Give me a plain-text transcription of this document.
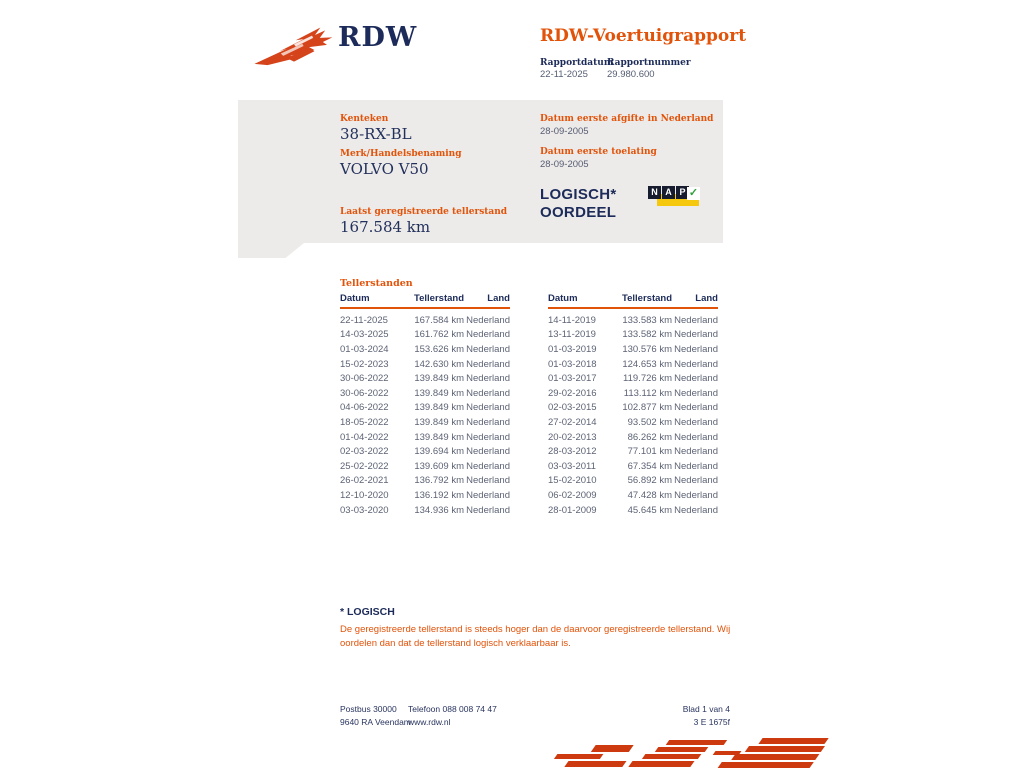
RDW	RDW-Voertuigrapport
RapportdatumRapportnummer
22-11-2025 29.980.600
Kenteken
38-RX-BL
Merk/Handelsbenaming
VOLVO V50
Laatst geregistreerde tellerstand
167.584 km
Datum eerste afgifte in Nederland
28-09-2005
Datum eerste toelating
28-09-2005
LOGISCH*
OORDEEL
N A P ✓
Tellerstanden
Datum	Tellerstand	Land
22-11-2025	167.584 km	Nederland
14-03-2025	161.762 km	Nederland
01-03-2024	153.626 km	Nederland
15-02-2023	142.630 km	Nederland
30-06-2022	139.849 km	Nederland
30-06-2022	139.849 km	Nederland
04-06-2022	139.849 km	Nederland
18-05-2022	139.849 km	Nederland
01-04-2022	139.849 km	Nederland
02-03-2022	139.694 km	Nederland
25-02-2022	139.609 km	Nederland
26-02-2021	136.792 km	Nederland
12-10-2020	136.192 km	Nederland
03-03-2020	134.936 km	Nederland
Datum	Tellerstand	Land
14-11-2019	133.583 km	Nederland
13-11-2019	133.582 km	Nederland
01-03-2019	130.576 km	Nederland
01-03-2018	124.653 km	Nederland
01-03-2017	119.726 km	Nederland
29-02-2016	113.112 km	Nederland
02-03-2015	102.877 km	Nederland
27-02-2014	93.502 km	Nederland
20-02-2013	86.262 km	Nederland
28-03-2012	77.101 km	Nederland
03-03-2011	67.354 km	Nederland
15-02-2010	56.892 km	Nederland
06-02-2009	47.428 km	Nederland
28-01-2009	45.645 km	Nederland
* LOGISCH
De geregistreerde tellerstand is steeds hoger dan de daarvoor geregistreerde tellerstand. Wij oordelen dan dat de tellerstand logisch verklaarbaar is.
Postbus 30000
9640 RA Veendam
Telefoon 088 008 74 47
www.rdw.nl
Blad 1 van 4
3 E 1675f
